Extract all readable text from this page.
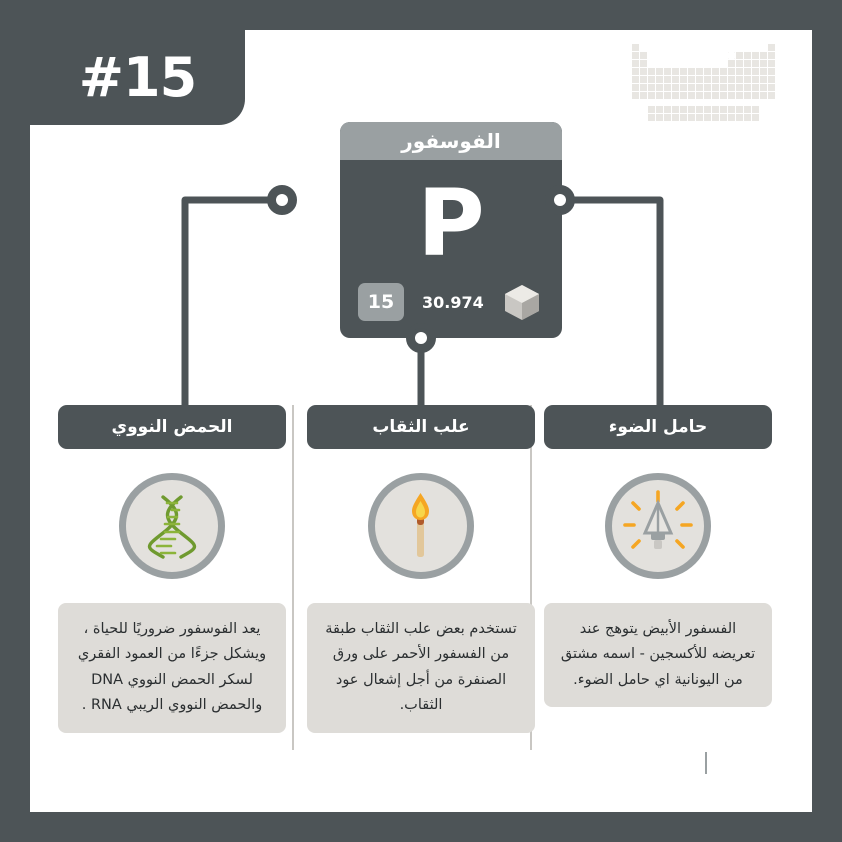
#15
الفوسفور
P
15	30.974
الحمض النووي
يعد الفوسفور ضروريًا للحياة ، ويشكل جزءًا من العمود الفقري لسكر الحمض النووي DNA والحمض النووي الريبي RNA .
علب الثقاب
تستخدم بعض علب الثقاب طبقة من الفسفور الأحمر على ورق الصنفرة من أجل إشعال عود الثقاب.
حامل الضوء
الفسفور الأبيض يتوهج عند تعريضه للأكسجين - اسمه مشتق من اليونانية اي حامل الضوء.
